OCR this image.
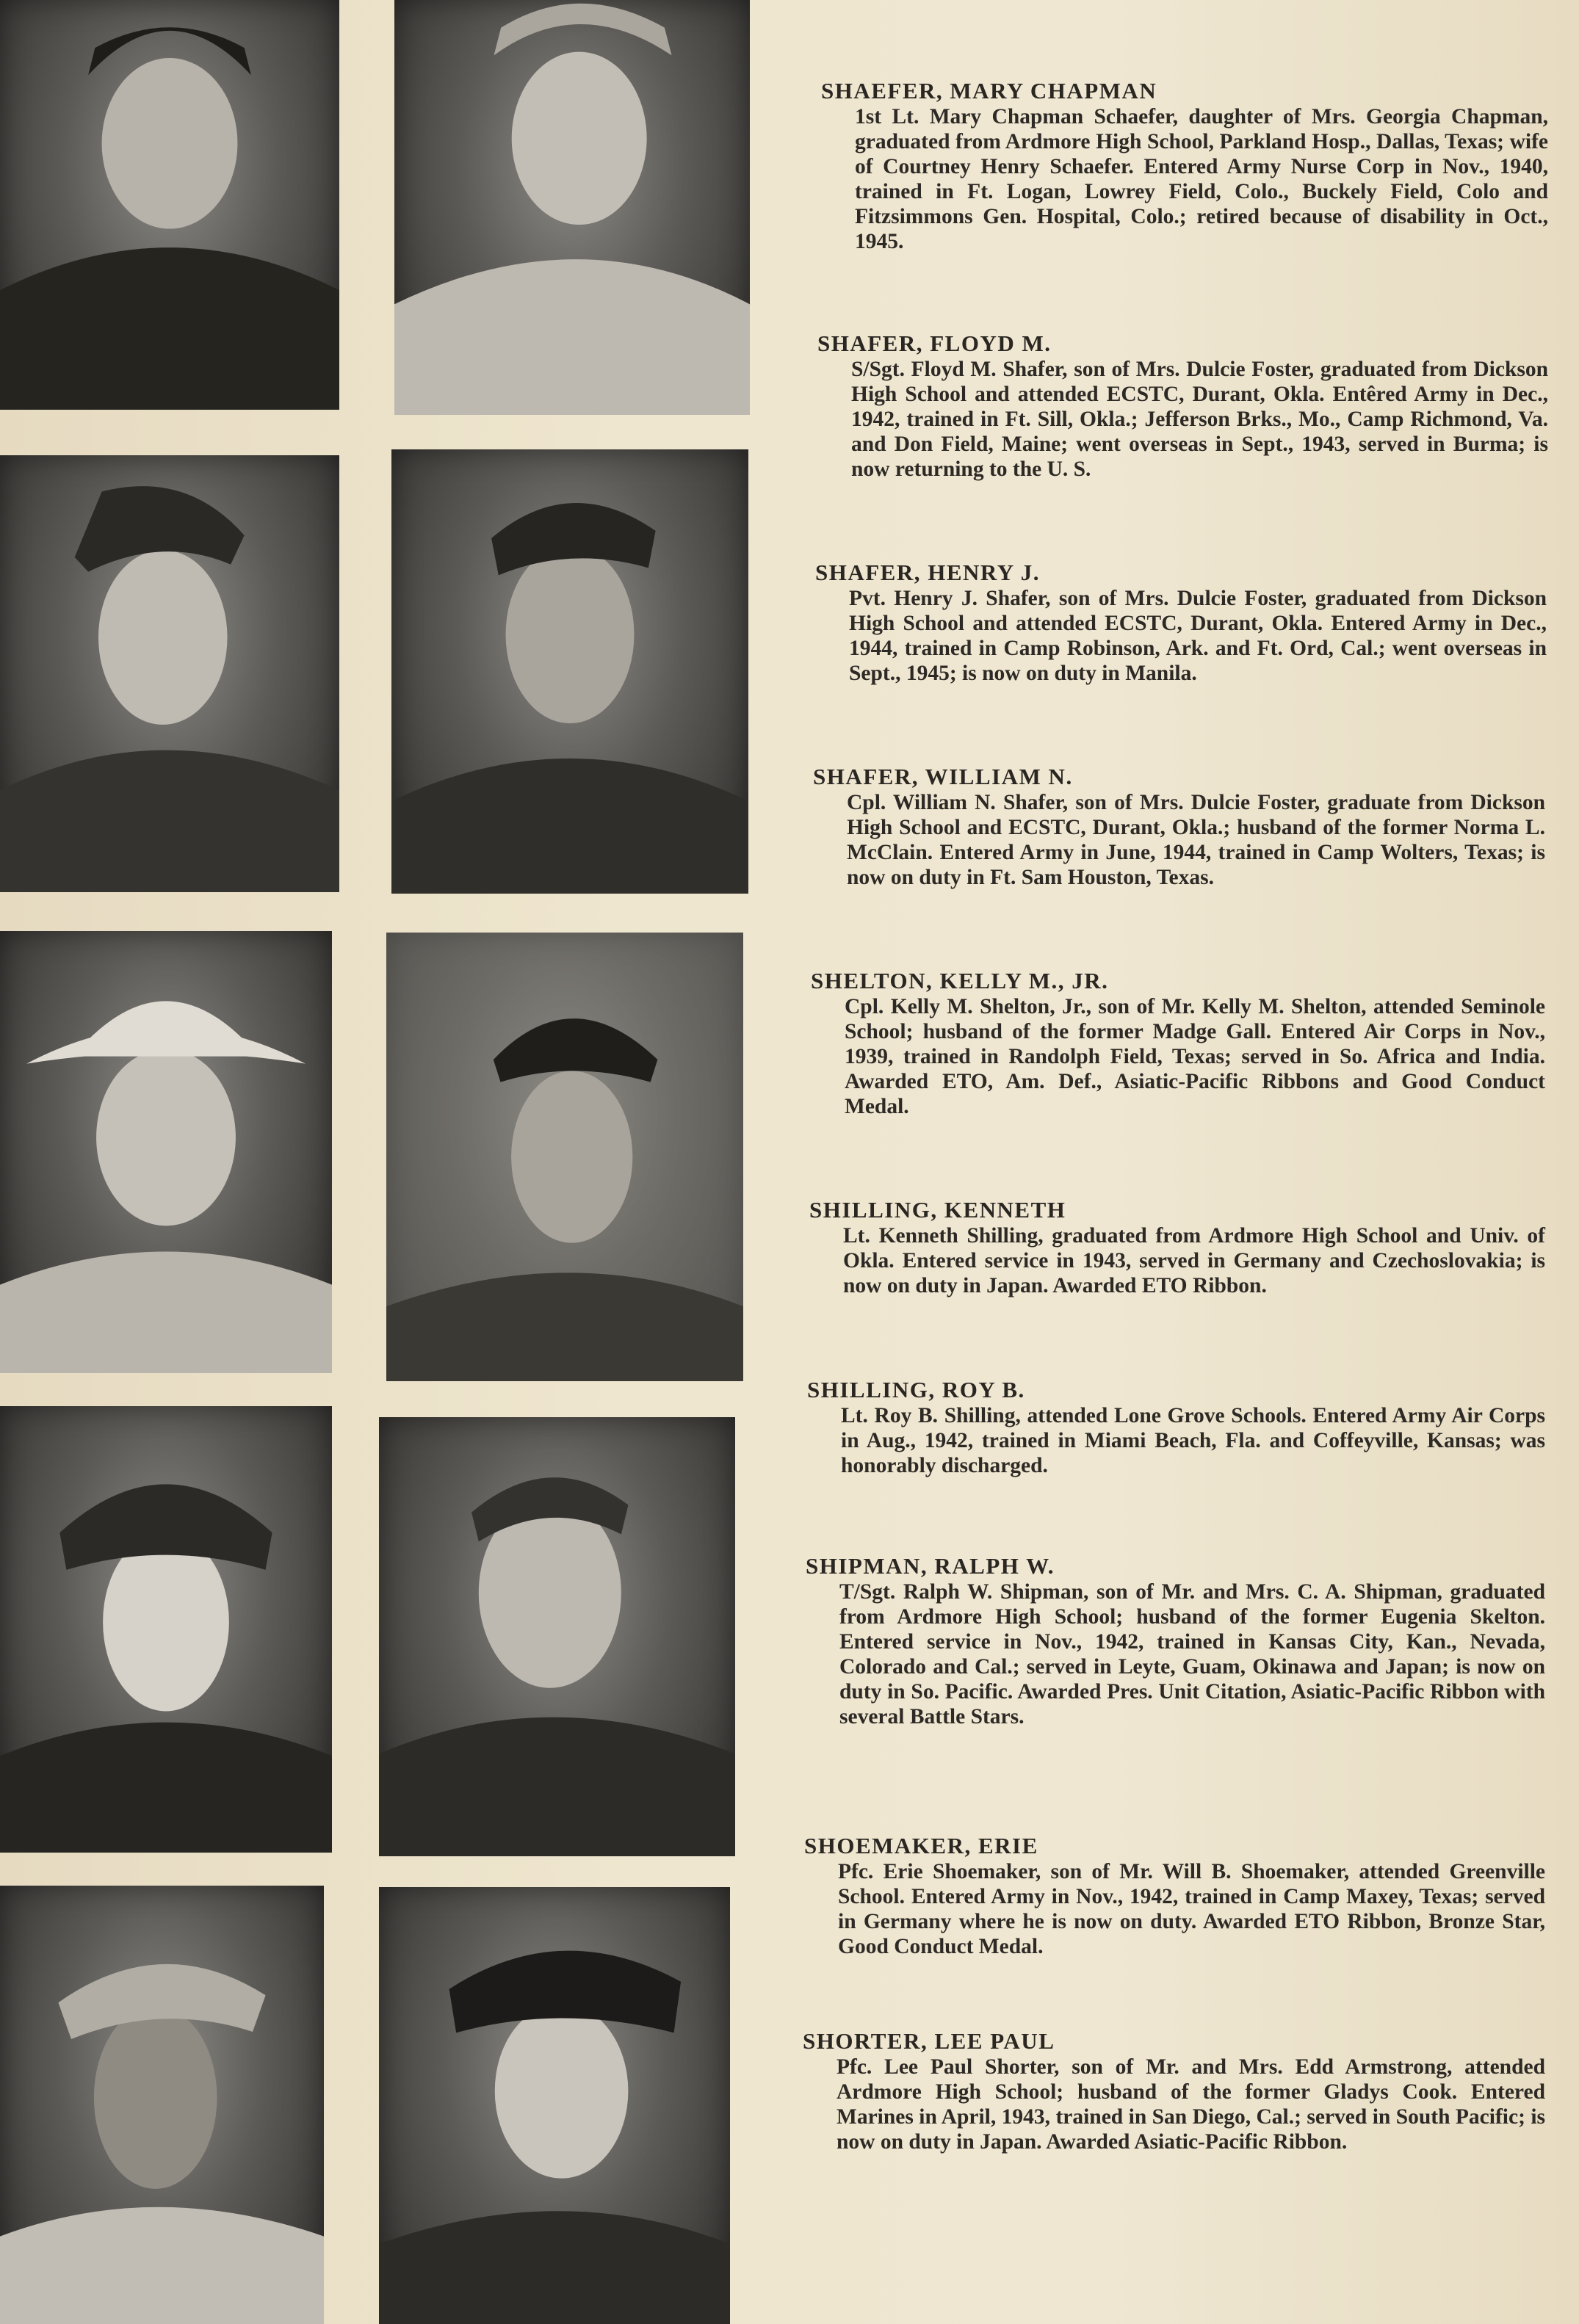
SHAEFER, MARY CHAPMAN

1st Lt. Mary Chapman Schaefer, daughter of Mrs. Georgia Chapman, graduated from Ardmore High School, Parkland Hosp., Dallas, Texas; wife of Courtney Henry Schaefer. Entered Army Nurse Corp in Nov., 1940, trained in Ft. Logan, Lowrey Field, Colo., Buckely Field, Colo and Fitzsimmons Gen. Hospital, Colo.; retired because of disability in Oct., 1945.

SHAFER, FLOYD M.

S/Sgt. Floyd M. Shafer, son of Mrs. Dulcie Foster, graduated from Dickson High School and attended ECSTC, Durant, Okla. Entêred Army in Dec., 1942, trained in Ft. Sill, Okla.; Jefferson Brks., Mo., Camp Richmond, Va. and Don Field, Maine; went overseas in Sept., 1943, served in Burma; is now returning to the U. S.

SHAFER, HENRY J.

Pvt. Henry J. Shafer, son of Mrs. Dulcie Foster, graduated from Dickson High School and attended ECSTC, Durant, Okla. Entered Army in Dec., 1944, trained in Camp Robinson, Ark. and Ft. Ord, Cal.; went overseas in Sept., 1945; is now on duty in Manila.

SHAFER, WILLIAM N.

Cpl. William N. Shafer, son of Mrs. Dulcie Foster, graduate from Dickson High School and ECSTC, Durant, Okla.; husband of the former Norma L. McClain. Entered Army in June, 1944, trained in Camp Wolters, Texas; is now on duty in Ft. Sam Houston, Texas.

SHELTON, KELLY M., JR.

Cpl. Kelly M. Shelton, Jr., son of Mr. Kelly M. Shelton, attended Seminole School; husband of the former Madge Gall. Entered Air Corps in Nov., 1939, trained in Randolph Field, Texas; served in So. Africa and India. Awarded ETO, Am. Def., Asiatic-Pacific Ribbons and Good Conduct Medal.

SHILLING, KENNETH

Lt. Kenneth Shilling, graduated from Ardmore High School and Univ. of Okla. Entered service in 1943, served in Germany and Czechoslovakia; is now on duty in Japan. Awarded ETO Ribbon.

SHILLING, ROY B.

Lt. Roy B. Shilling, attended Lone Grove Schools. Entered Army Air Corps in Aug., 1942, trained in Miami Beach, Fla. and Coffeyville, Kansas; was honorably discharged.

SHIPMAN, RALPH W.

T/Sgt. Ralph W. Shipman, son of Mr. and Mrs. C. A. Shipman, graduated from Ardmore High School; husband of the former Eugenia Skelton. Entered service in Nov., 1942, trained in Kansas City, Kan., Nevada, Colorado and Cal.; served in Leyte, Guam, Okinawa and Japan; is now on duty in So. Pacific. Awarded Pres. Unit Citation, Asiatic-Pacific Ribbon with several Battle Stars.

SHOEMAKER, ERIE

Pfc. Erie Shoemaker, son of Mr. Will B. Shoemaker, attended Greenville School. Entered Army in Nov., 1942, trained in Camp Maxey, Texas; served in Germany where he is now on duty. Awarded ETO Ribbon, Bronze Star, Good Conduct Medal.

SHORTER, LEE PAUL

Pfc. Lee Paul Shorter, son of Mr. and Mrs. Edd Armstrong, attended Ardmore High School; husband of the former Gladys Cook. Entered Marines in April, 1943, trained in San Diego, Cal.; served in South Pacific; is now on duty in Japan. Awarded Asiatic-Pacific Ribbon.
